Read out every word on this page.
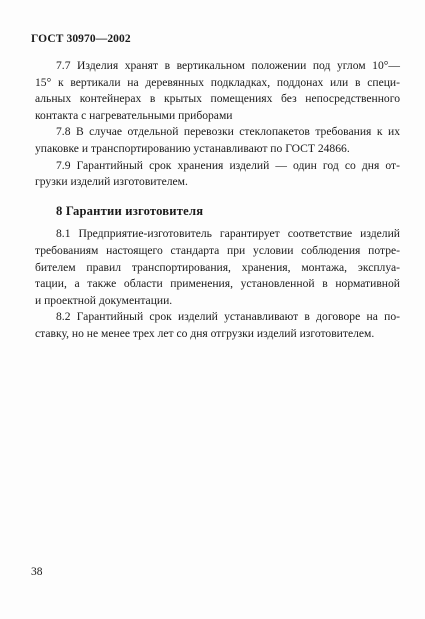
ГОСТ 30970—2002
7.7 Изделия хранят в вертикальном положении под углом 10°—
15° к вертикали на деревянных подкладках, поддонах или в специ-
альных контейнерах в крытых помещениях без непосредственного
контакта с нагревательными приборами
7.8 В случае отдельной перевозки стеклопакетов требования к их
упаковке и транспортированию устанавливают по ГОСТ 24866.
7.9 Гарантийный срок хранения изделий — один год со дня от-
грузки изделий изготовителем.
8 Гарантии изготовителя
8.1 Предприятие-изготовитель гарантирует соответствие изделий
требованиям настоящего стандарта при условии соблюдения потре-
бителем правил транспортирования, хранения, монтажа, эксплуа-
тации, а также области применения, установленной в нормативной
и проектной документации.
8.2 Гарантийный срок изделий устанавливают в договоре на по-
ставку, но не менее трех лет со дня отгрузки изделий изготовителем.
38
